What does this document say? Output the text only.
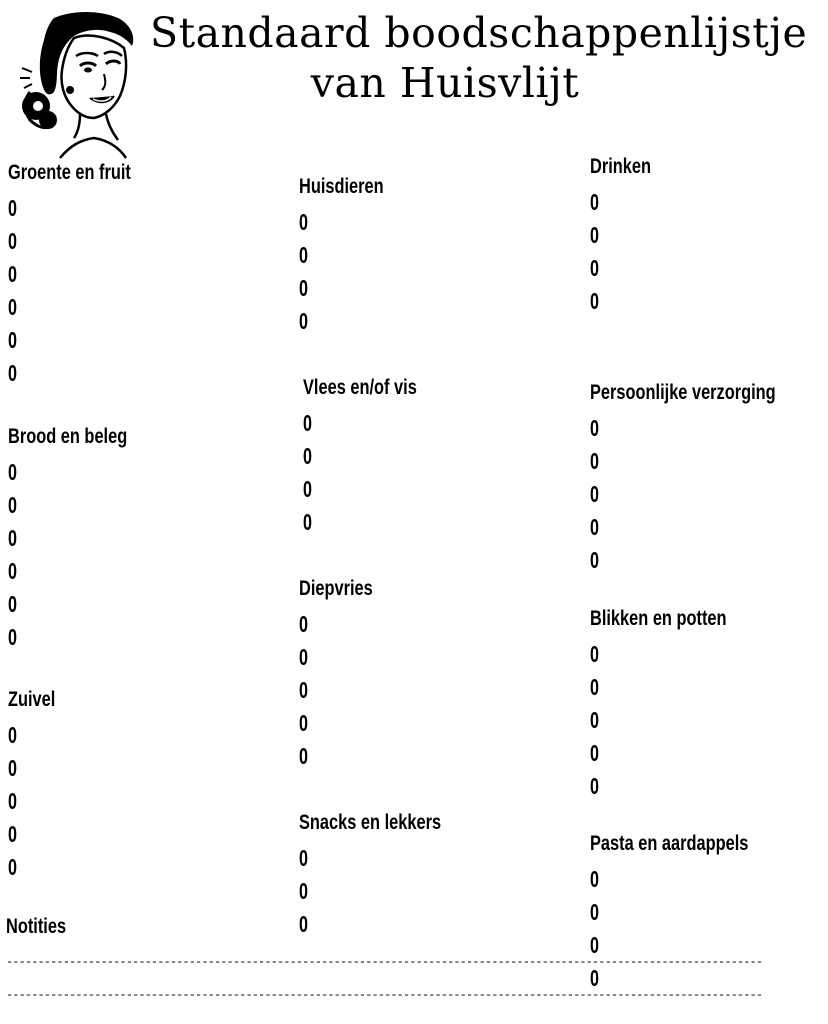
Standaard boodschappenlijstje
van Huisvlijt
Groente en fruit
0
0
0
0
0
0
Brood en beleg
0
0
0
0
0
0
Zuivel
0
0
0
0
0
Notities
------------------------------------------------------------------------------------------------------------------------
------------------------------------------------------------------------------------------------------------------------
Huisdieren
0
0
0
0
Vlees en/of vis
0
0
0
0
Diepvries
0
0
0
0
0
Snacks en lekkers
0
0
0
Drinken
0
0
0
0
Persoonlijke verzorging
0
0
0
0
0
Blikken en potten
0
0
0
0
0
Pasta en aardappels
0
0
0
0
